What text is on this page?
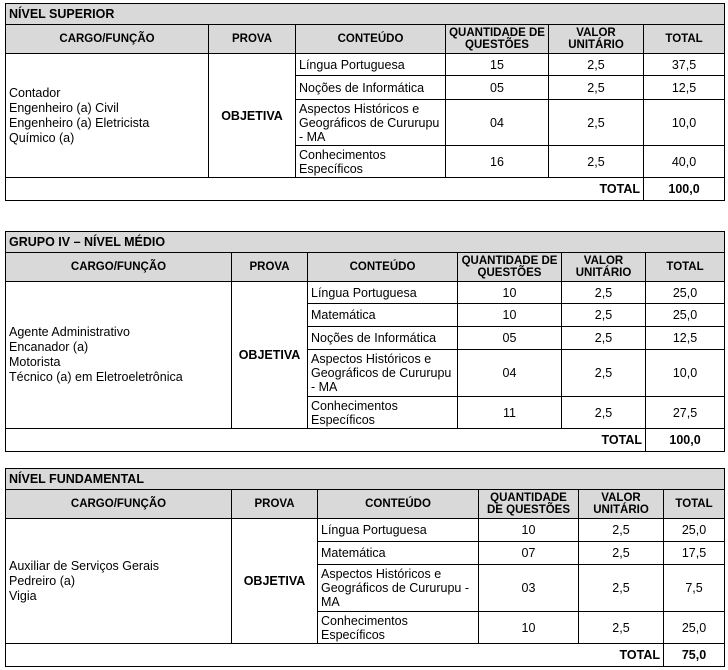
NÍVEL SUPERIOR					
CARGO/FUNÇÃO	PROVA	CONTEÚDO	QUANTIDADE DE QUESTÕES	VALOR UNITÁRIO	TOTAL

Contador
Engenheiro (a) Civil
Engenheiro (a) Eletricista
Químico (a)	OBJETIVA	Língua Portuguesa	15	2,5	37,5
		Noções de Informática	05	2,5	12,5
		Aspectos Históricos e Geográficos de Cururupu - MA	04	2,5	10,0
		Conhecimentos Específicos	16	2,5	40,0
TOTAL					100,0
GRUPO IV – NÍVEL MÉDIO					
CARGO/FUNÇÃO	PROVA	CONTEÚDO	QUANTIDADE DE QUESTÕES	VALOR UNITÁRIO	TOTAL

Agente Administrativo
Encanador (a)
Motorista
Técnico (a) em Eletroeletrônica	OBJETIVA	Língua Portuguesa	10	2,5	25,0
		Matemática	10	2,5	25,0
		Noções de Informática	05	2,5	12,5
		Aspectos Históricos e Geográficos de Cururupu - MA	04	2,5	10,0
		Conhecimentos Específicos	11	2,5	27,5
TOTAL					100,0
NÍVEL FUNDAMENTAL					
CARGO/FUNÇÃO	PROVA	CONTEÚDO	QUANTIDADE DE QUESTÕES	VALOR UNITÁRIO	TOTAL

Auxiliar de Serviços Gerais
Pedreiro (a)
Vigia	OBJETIVA	Língua Portuguesa	10	2,5	25,0
		Matemática	07	2,5	17,5
		Aspectos Históricos e Geográficos de Cururupu - MA	03	2,5	7,5
		Conhecimentos Específicos	10	2,5	25,0
TOTAL					75,0
